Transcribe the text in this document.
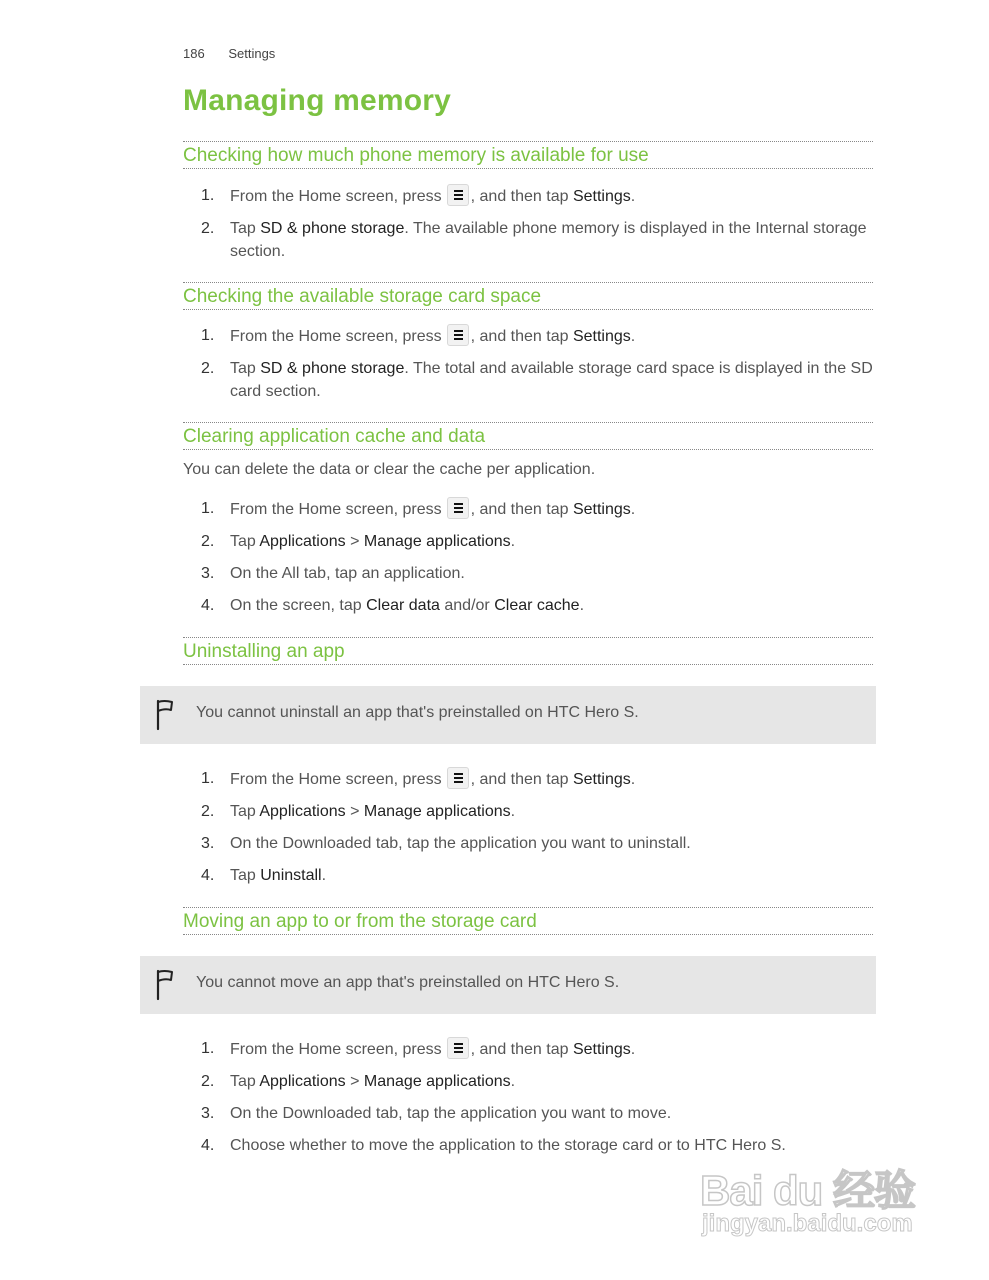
186 Settings
Managing memory
Checking how much phone memory is available for use
1. From the Home screen, press , and then tap Settings.
2. Tap SD & phone storage. The available phone memory is displayed in the Internal storage section.
Checking the available storage card space
1. From the Home screen, press , and then tap Settings.
2. Tap SD & phone storage. The total and available storage card space is displayed in the SD card section.
Clearing application cache and data

You can delete the data or clear the cache per application.

1. From the Home screen, press , and then tap Settings.
2. Tap Applications > Manage applications.
3. On the All tab, tap an application.
4. On the screen, tap Clear data and/or Clear cache.
Uninstalling an app
You cannot uninstall an app that's preinstalled on HTC Hero S.
1. From the Home screen, press , and then tap Settings.
2. Tap Applications > Manage applications.
3. On the Downloaded tab, tap the application you want to uninstall.
4. Tap Uninstall.
Moving an app to or from the storage card
You cannot move an app that's preinstalled on HTC Hero S.
1. From the Home screen, press , and then tap Settings.
2. Tap Applications > Manage applications.
3. On the Downloaded tab, tap the application you want to move.
4. Choose whether to move the application to the storage card or to HTC Hero S.
Bai du 经验
jingyan.baidu.com
